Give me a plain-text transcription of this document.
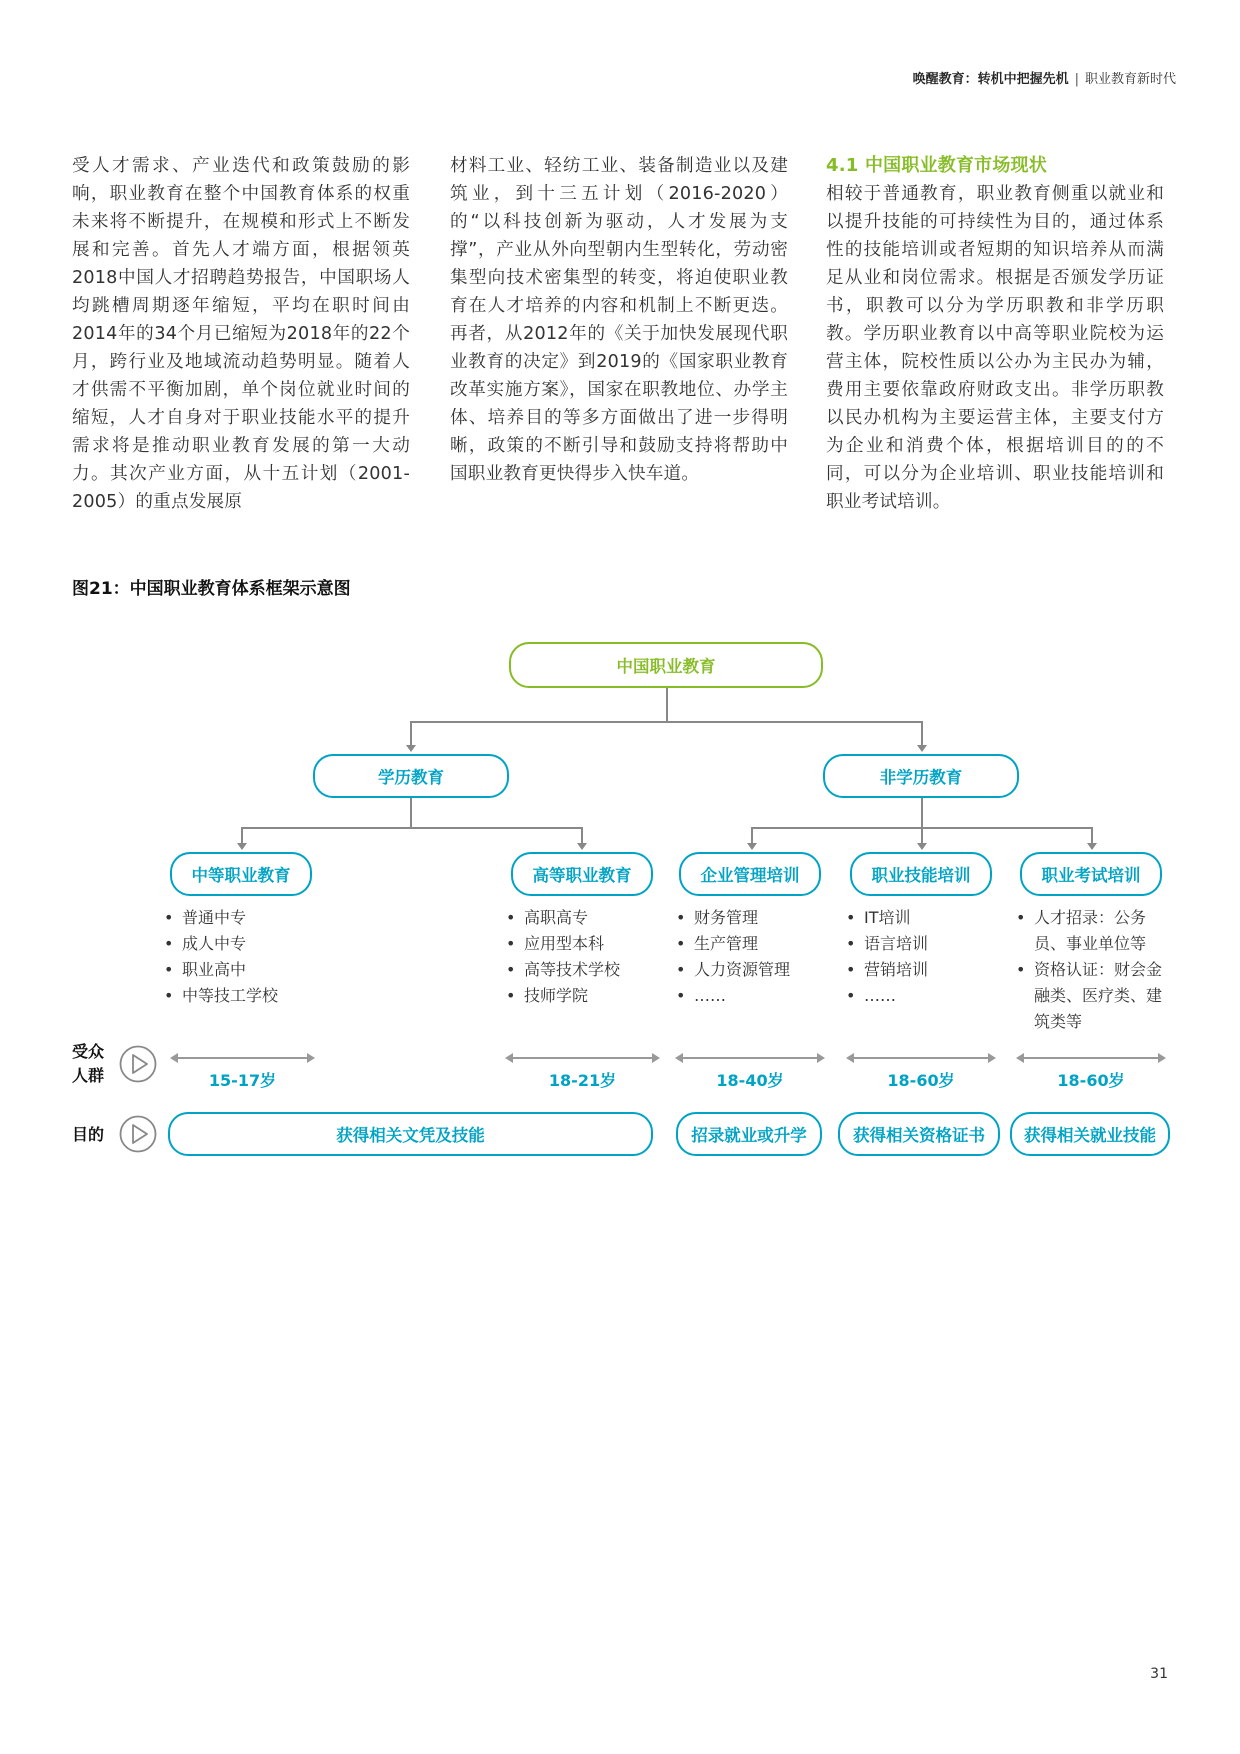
唤醒教育：转机中把握先机 | 职业教育新时代

受人才需求、产业迭代和政策鼓励的影响，职业教育在整个中国教育体系的权重未来将不断提升，在规模和形式上不断发展和完善。首先人才端方面，根据领英2018中国人才招聘趋势报告，中国职场人均跳槽周期逐年缩短，平均在职时间由2014年的34个月已缩短为2018年的22个月，跨行业及地域流动趋势明显。随着人才供需不平衡加剧，单个岗位就业时间的缩短，人才自身对于职业技能水平的提升需求将是推动职业教育发展的第一大动力。其次产业方面，从十五计划（2001-2005）的重点发展原

材料工业、轻纺工业、装备制造业以及建筑业，到十三五计划（2016-2020）的“以科技创新为驱动，人才发展为支撑”，产业从外向型朝内生型转化，劳动密集型向技术密集型的转变，将迫使职业教育在人才培养的内容和机制上不断更迭。再者，从2012年的《关于加快发展现代职业教育的决定》到2019的《国家职业教育改革实施方案》，国家在职教地位、办学主体、培养目的等多方面做出了进一步得明晰，政策的不断引导和鼓励支持将帮助中国职业教育更快得步入快车道。

4.1 中国职业教育市场现状

相较于普通教育，职业教育侧重以就业和以提升技能的可持续性为目的，通过体系性的技能培训或者短期的知识培养从而满足从业和岗位需求。根据是否颁发学历证书，职教可以分为学历职教和非学历职教。学历职业教育以中高等职业院校为运营主体，院校性质以公办为主民办为辅，费用主要依靠政府财政支出。非学历职教以民办机构为主要运营主体，主要支付方为企业和消费个体，根据培训目的的不同，可以分为企业培训、职业技能培训和职业考试培训。

图21：中国职业教育体系框架示意图
中国职业教育
学历教育	非学历教育
中等职业教育	高等职业教育	企业管理培训	职业技能培训	职业考试培训
• 普通中专
• 成人中专
• 职业高中
• 中等技工学校
• 高职高专
• 应用型本科
• 高等技术学校
• 技师学院
• 财务管理
• 生产管理
• 人力资源管理
• ……
• IT培训
• 语言培训
• 营销培训
• ……
• 人才招录：公务员、事业单位等
• 资格认证：财会金融类、医疗类、建筑类等
受众人群	15-17岁	18-21岁	18-40岁	18-60岁	18-60岁
目的	获得相关文凭及技能	招录就业或升学	获得相关资格证书	获得相关就业技能
31
